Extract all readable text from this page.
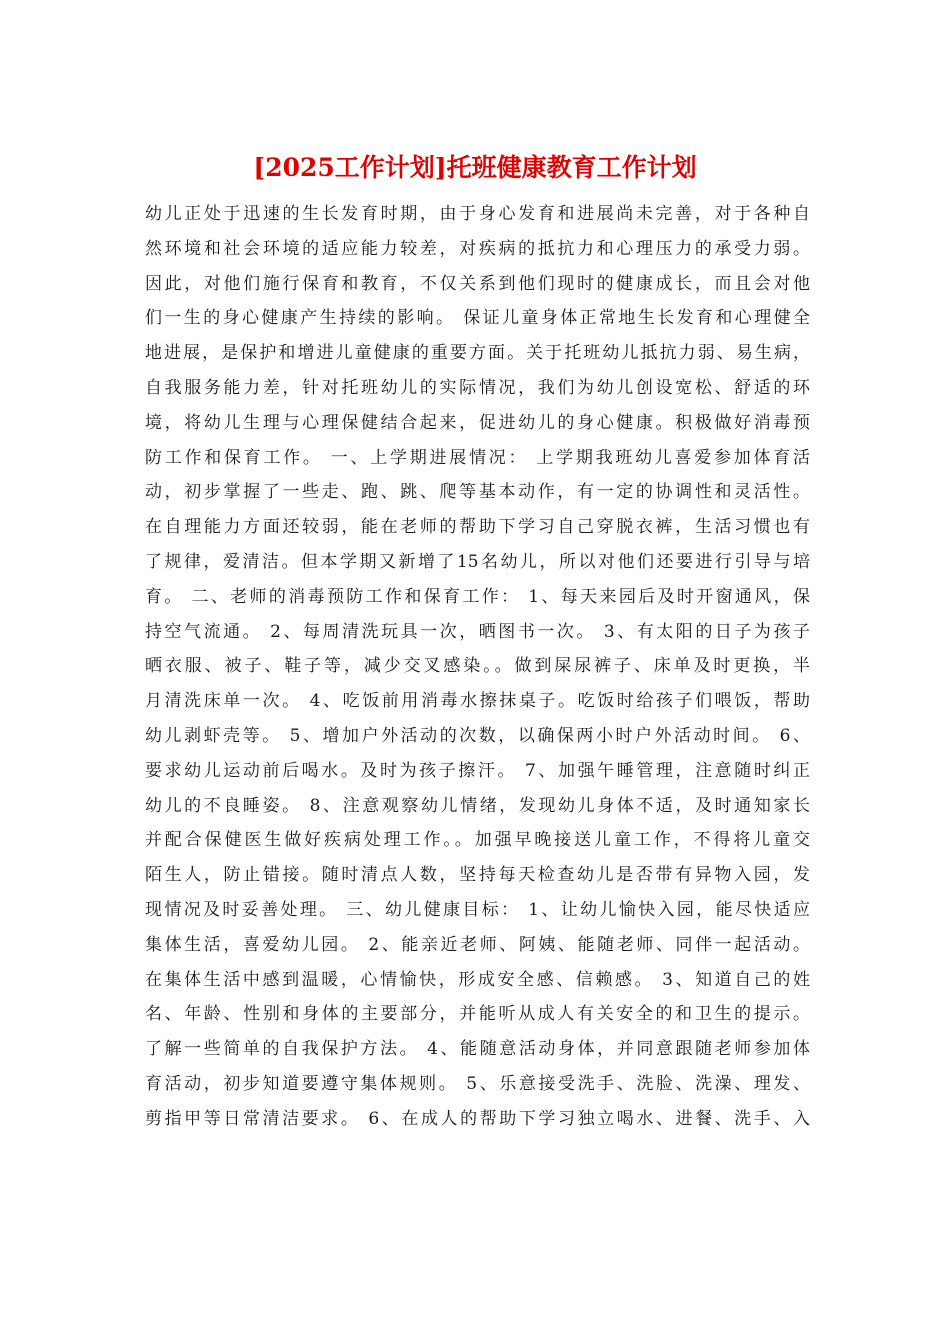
[2025工作计划]托班健康教育工作计划
幼儿正处于迅速的生长发育时期，由于身心发育和进展尚未完善，对于各种自
然环境和社会环境的适应能力较差，对疾病的抵抗力和心理压力的承受力弱。
因此，对他们施行保育和教育，不仅关系到他们现时的健康成长，而且会对他
们一生的身心健康产生持续的影响。 保证儿童身体正常地生长发育和心理健全
地进展，是保护和增进儿童健康的重要方面。关于托班幼儿抵抗力弱、易生病，
自我服务能力差，针对托班幼儿的实际情况，我们为幼儿创设宽松、舒适的环
境，将幼儿生理与心理保健结合起来，促进幼儿的身心健康。积极做好消毒预
防工作和保育工作。 一、上学期进展情况： 上学期我班幼儿喜爱参加体育活
动，初步掌握了一些走、跑、跳、爬等基本动作，有一定的协调性和灵活性。
在自理能力方面还较弱，能在老师的帮助下学习自己穿脱衣裤，生活习惯也有
了规律，爱清洁。但本学期又新增了15名幼儿，所以对他们还要进行引导与培
育。 二、老师的消毒预防工作和保育工作： 1、每天来园后及时开窗通风，保
持空气流通。 2、每周清洗玩具一次，晒图书一次。 3、有太阳的日子为孩子
晒衣服、被子、鞋子等，减少交叉感染。。做到屎尿裤子、床单及时更换，半
月清洗床单一次。 4、吃饭前用消毒水擦抹桌子。吃饭时给孩子们喂饭，帮助
幼儿剥虾壳等。 5、增加户外活动的次数，以确保两小时户外活动时间。 6、
要求幼儿运动前后喝水。及时为孩子擦汗。 7、加强午睡管理，注意随时纠正
幼儿的不良睡姿。 8、注意观察幼儿情绪，发现幼儿身体不适，及时通知家长
并配合保健医生做好疾病处理工作。。加强早晚接送儿童工作，不得将儿童交
陌生人，防止错接。随时清点人数，坚持每天检查幼儿是否带有异物入园，发
现情况及时妥善处理。 三、幼儿健康目标： 1、让幼儿愉快入园，能尽快适应
集体生活，喜爱幼儿园。 2、能亲近老师、阿姨、能随老师、同伴一起活动。
在集体生活中感到温暖，心情愉快，形成安全感、信赖感。 3、知道自己的姓
名、年龄、性别和身体的主要部分，并能听从成人有关安全的和卫生的提示。
了解一些简单的自我保护方法。 4、能随意活动身体，并同意跟随老师参加体
育活动，初步知道要遵守集体规则。 5、乐意接受洗手、洗脸、洗澡、理发、
剪指甲等日常清洁要求。 6、在成人的帮助下学习独立喝水、进餐、洗手、入
